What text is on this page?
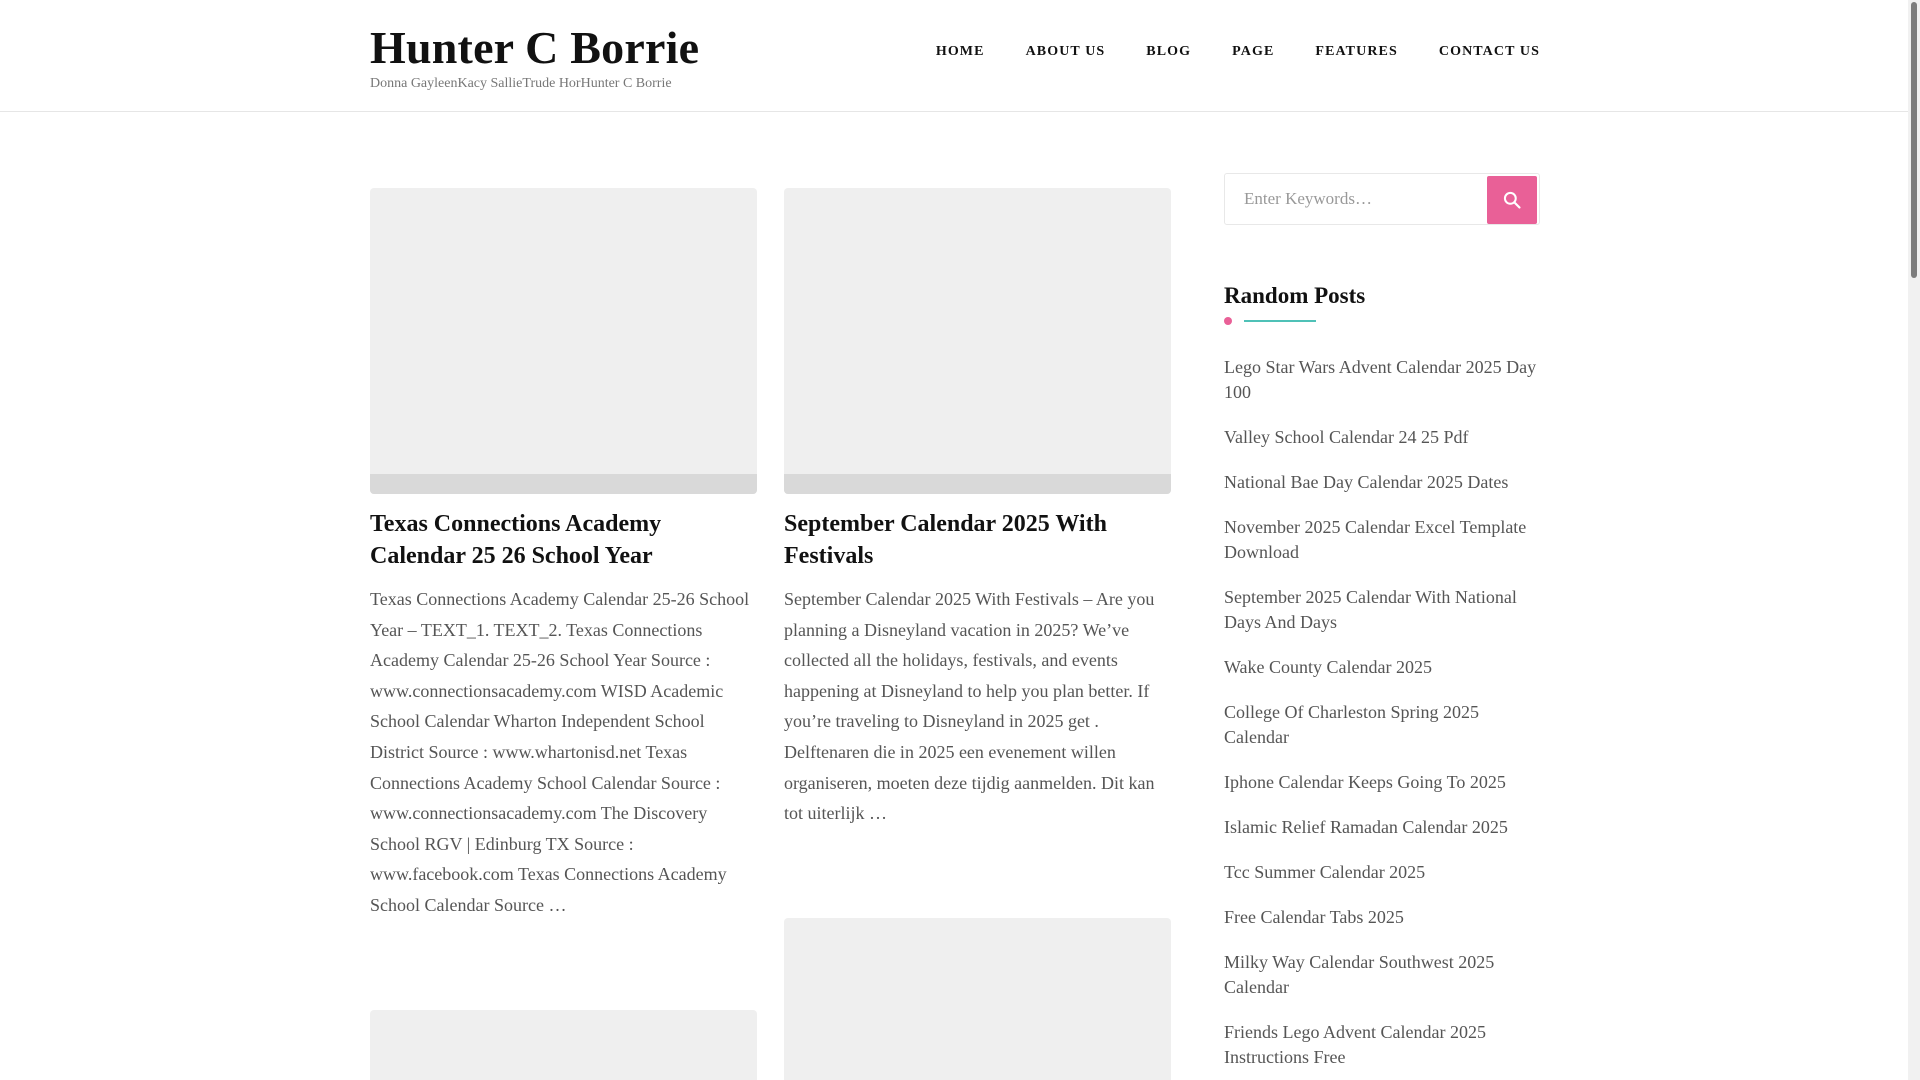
Hunter C Borrie
Donna GayleenKacy SallieTrude HorHunter C Borrie
HOME	ABOUT US	BLOG	PAGE	FEATURES	CONTACT US
Texas Connections Academy Calendar 25 26 School Year

Texas Connections Academy Calendar 25-26 School Year – TEXT_1. TEXT_2. Texas Connections Academy Calendar 25-26 School Year Source : www.connectionsacademy.com WISD Academic School Calendar Wharton Independent School District Source : www.whartonisd.net Texas Connections Academy School Calendar Source : www.connectionsacademy.com The Discovery School RGV | Edinburg TX Source : www.facebook.com Texas Connections Academy School Calendar Source …

September Calendar 2025 With Festivals

September Calendar 2025 With Festivals – Are you planning a Disneyland vacation in 2025? We’ve collected all the holidays, festivals, and events happening at Disneyland to help you plan better. If you’re traveling to Disneyland in 2025 get . Delftenaren die in 2025 een evenement willen organiseren, moeten deze tijdig aanmelden. Dit kan tot uiterlijk …

Enter Keywords…
Random Posts
Lego Star Wars Advent Calendar 2025 Day 100
Valley School Calendar 24 25 Pdf
National Bae Day Calendar 2025 Dates
November 2025 Calendar Excel Template Download
September 2025 Calendar With National Days And Days
Wake County Calendar 2025
College Of Charleston Spring 2025 Calendar
Iphone Calendar Keeps Going To 2025
Islamic Relief Ramadan Calendar 2025
Tcc Summer Calendar 2025
Free Calendar Tabs 2025
Milky Way Calendar Southwest 2025 Calendar
Friends Lego Advent Calendar 2025 Instructions Free
